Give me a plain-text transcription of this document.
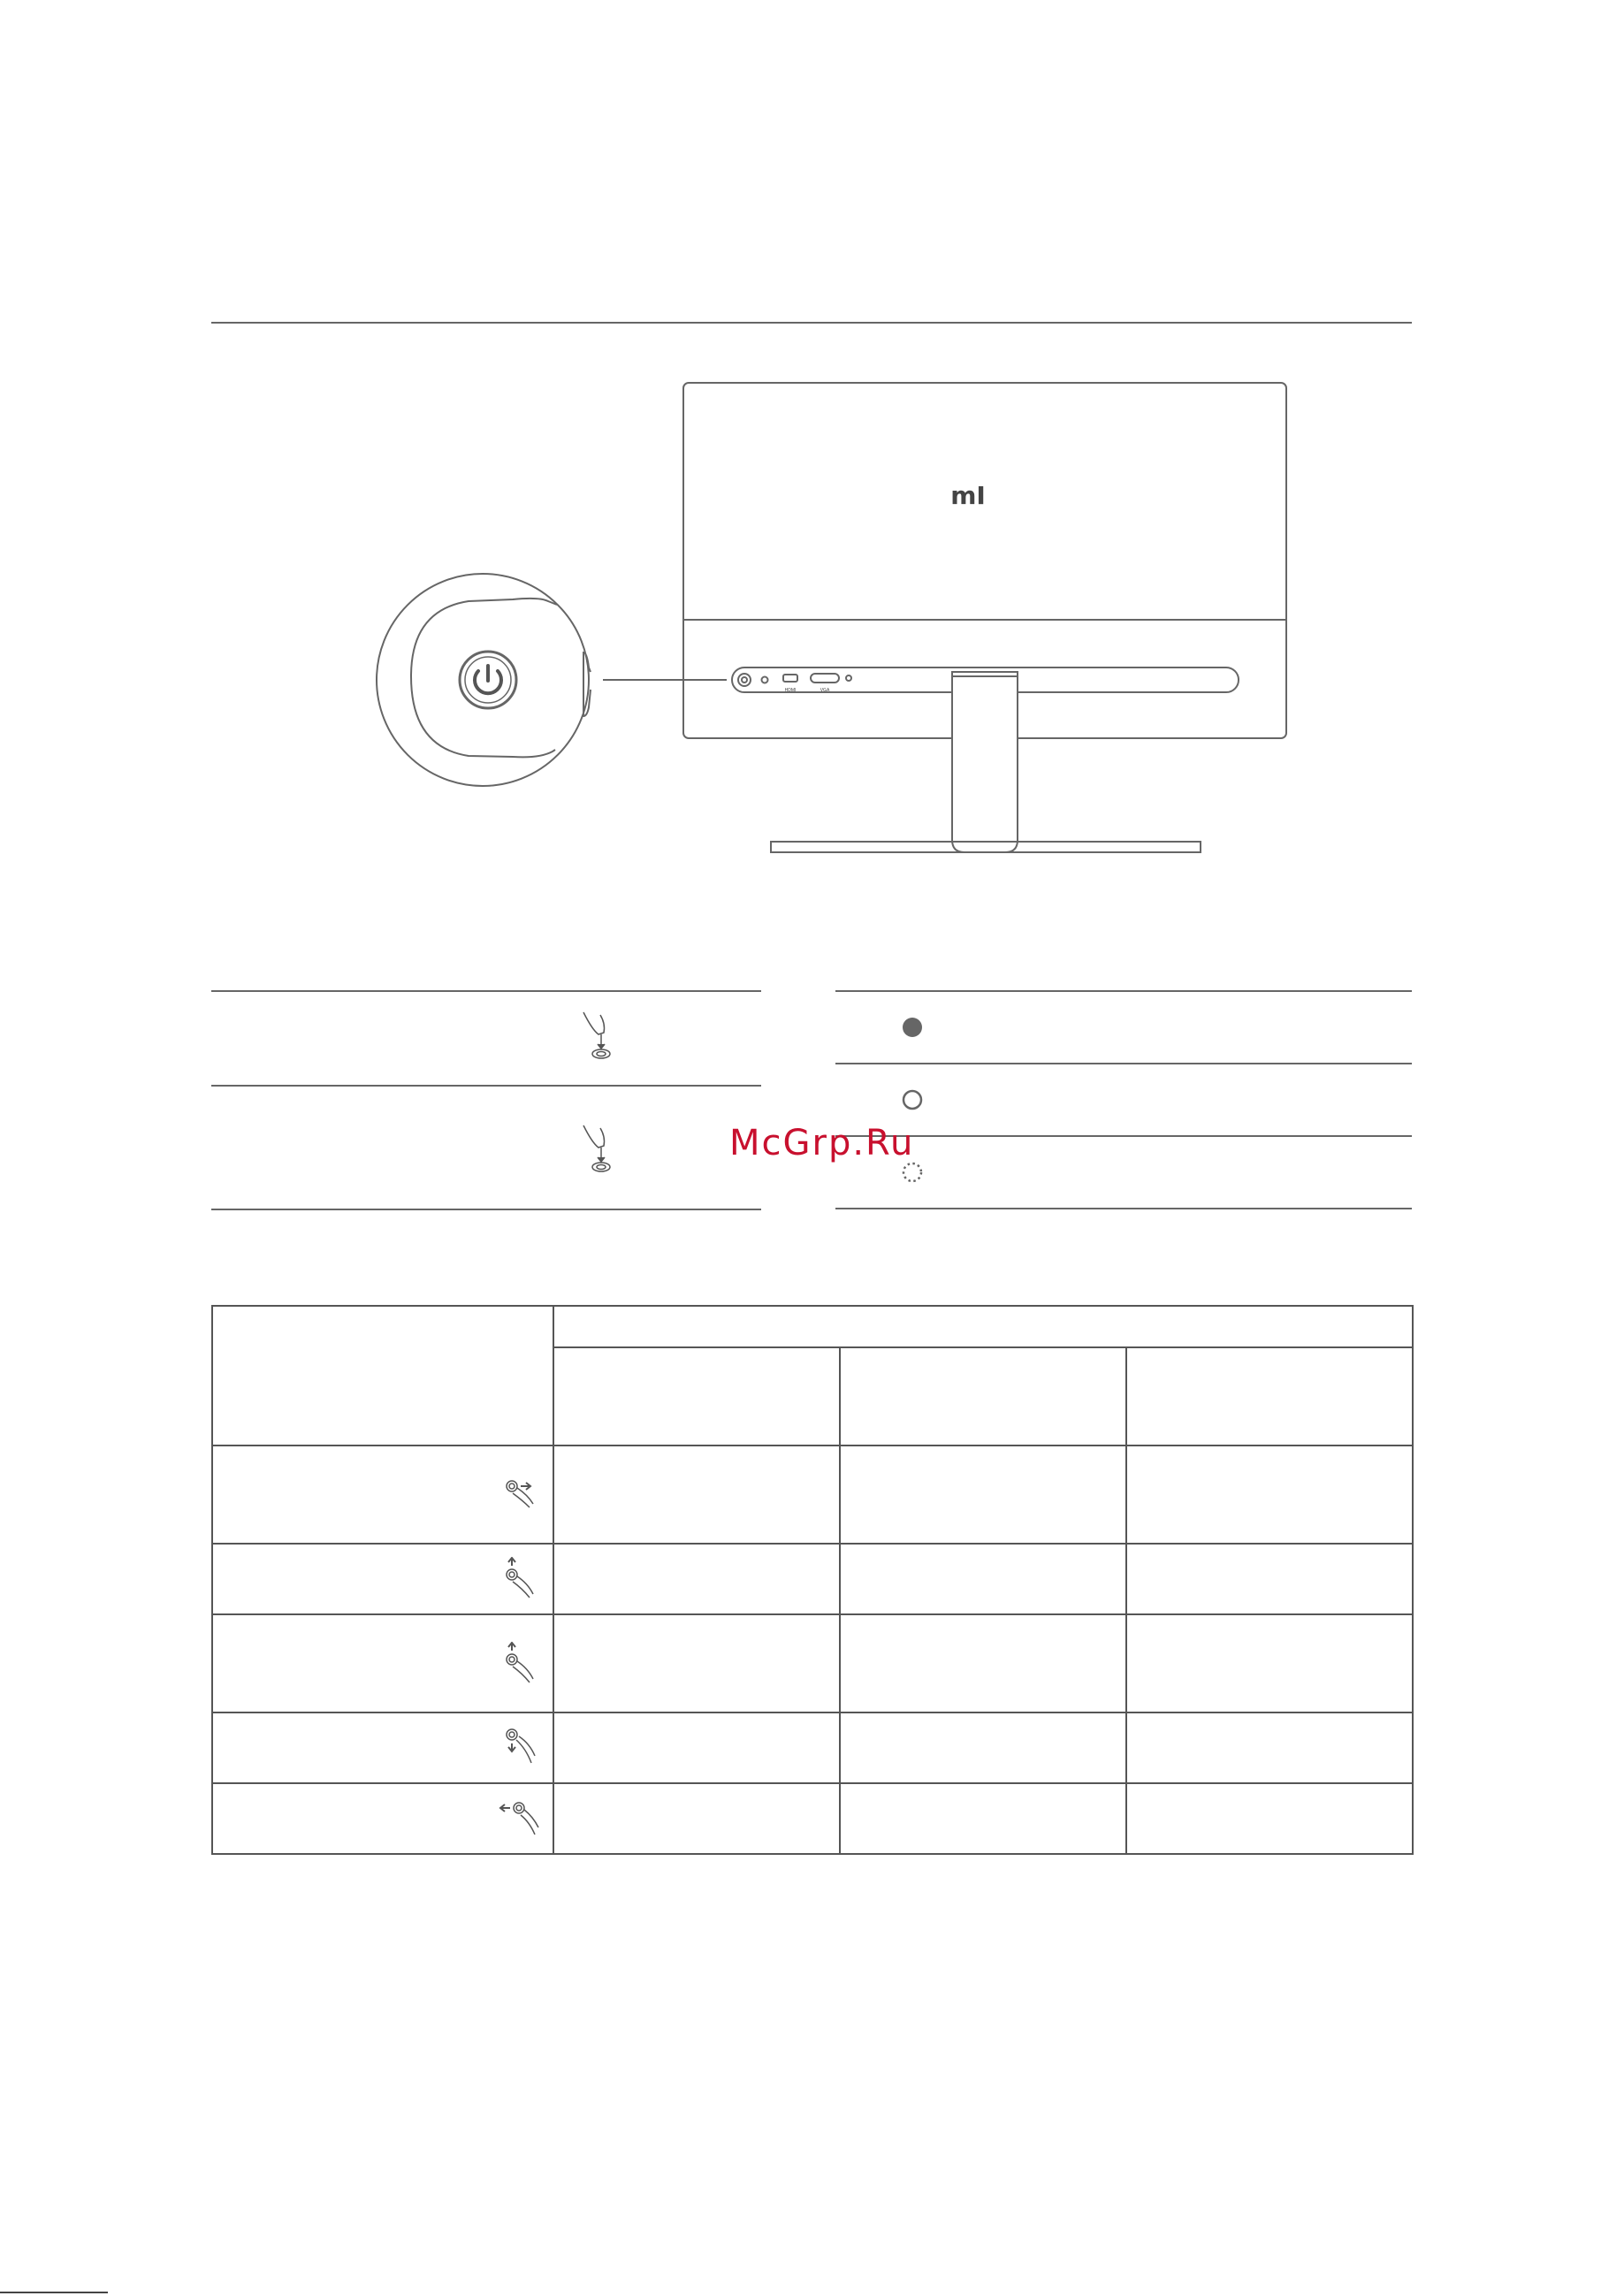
mI
HDMI	VGA
McGrp.Ru
